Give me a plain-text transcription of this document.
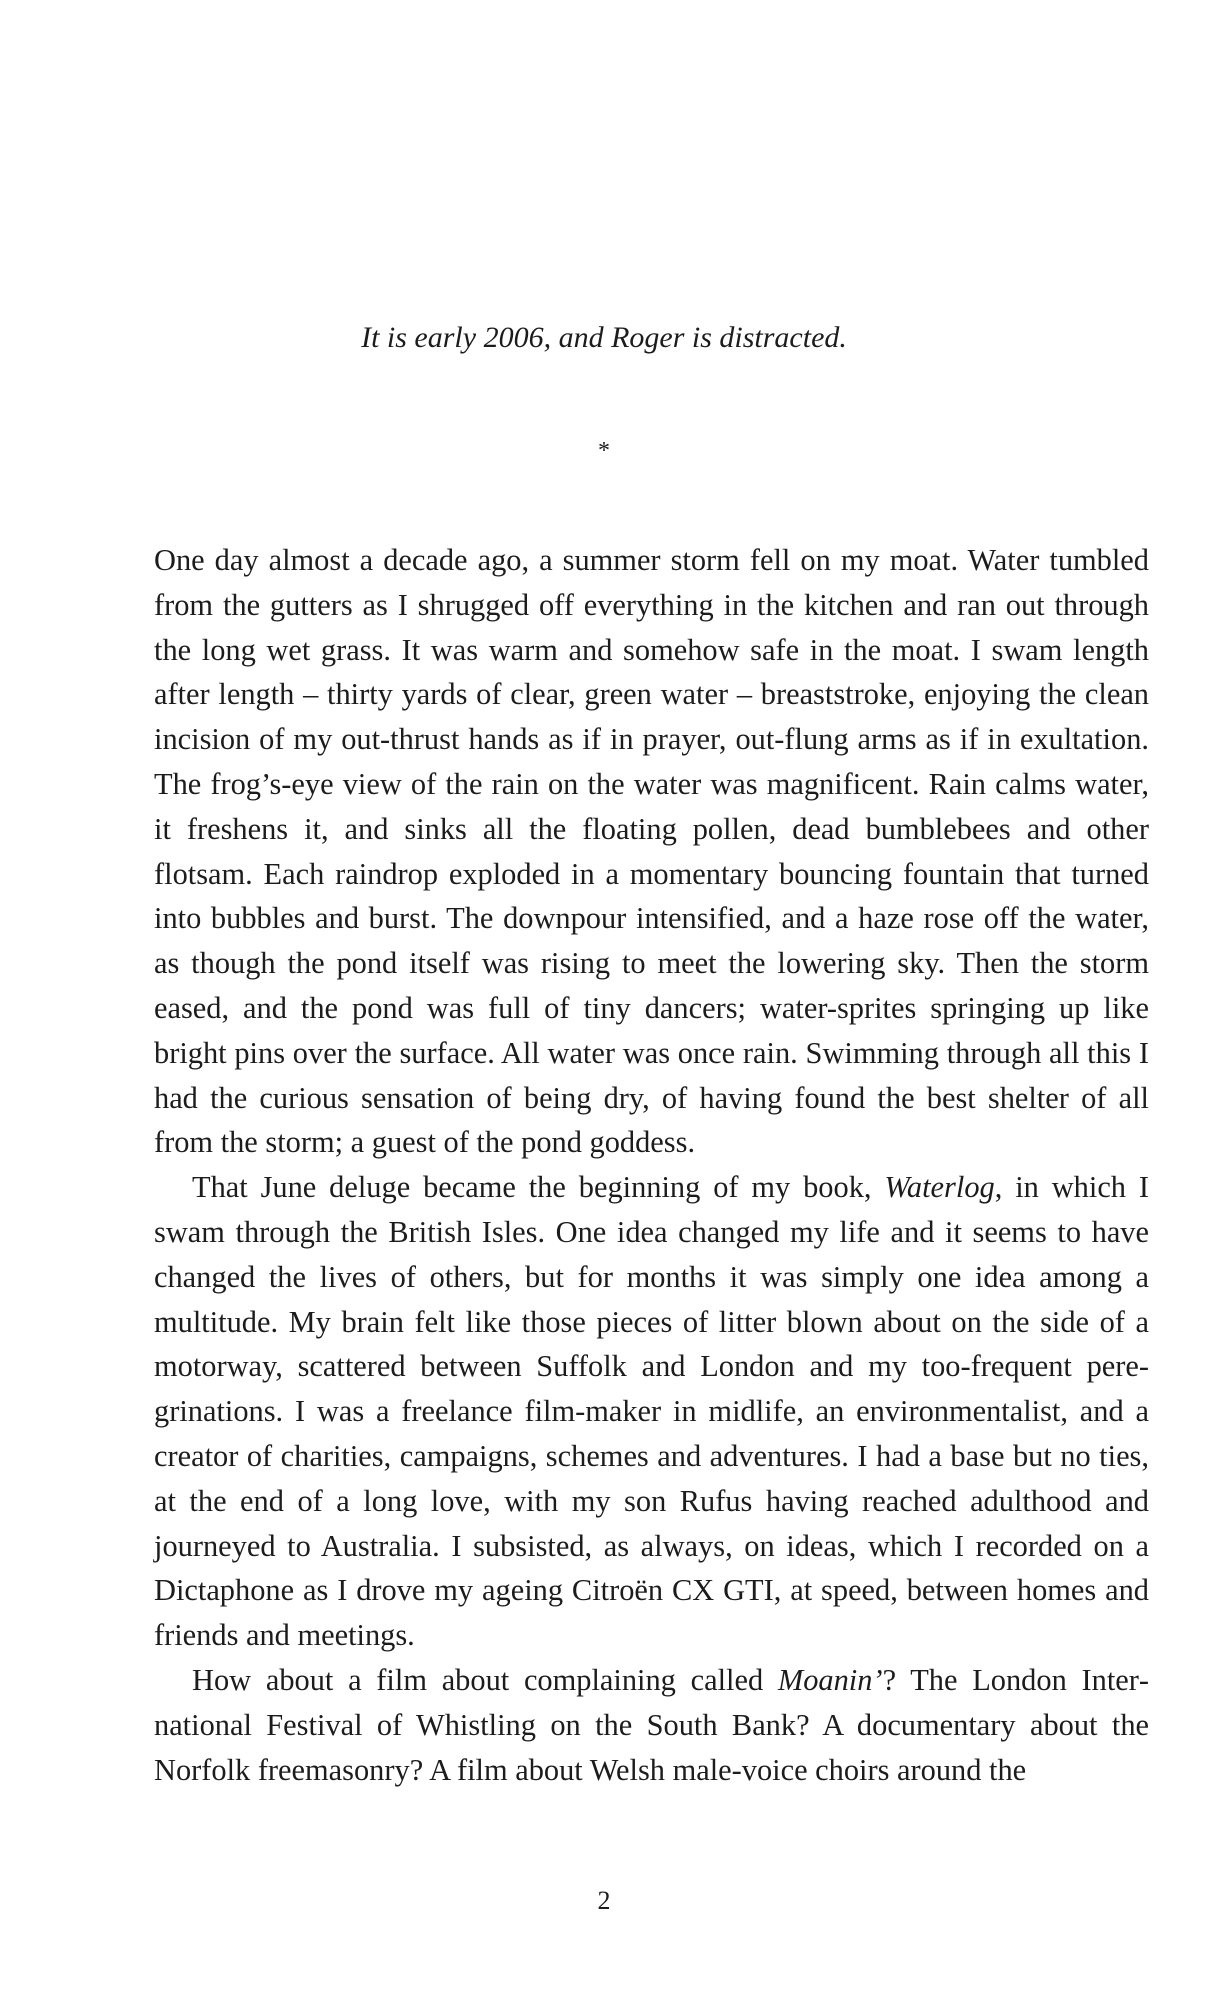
It is early 2006, and Roger is distracted.

*

One day almost a decade ago, a summer storm fell on my moat. Water tumbled from the gutters as I shrugged off everything in the kitchen and ran out through the long wet grass. It was warm and somehow safe in the moat. I swam length after length – thirty yards of clear, green water – breaststroke, enjoying the clean incision of my out-thrust hands as if in prayer, out-flung arms as if in exultation. The frog’s-eye view of the rain on the water was magnificent. Rain calms water, it freshens it, and sinks all the floating pollen, dead bumblebees and other flotsam. Each raindrop exploded in a momentary bouncing fountain that turned into bubbles and burst. The downpour intensified, and a haze rose off the water, as though the pond itself was rising to meet the lowering sky. Then the storm eased, and the pond was full of tiny dancers; water-sprites springing up like bright pins over the surface. All water was once rain. Swimming through all this I had the curious sensation of being dry, of having found the best shelter of all from the storm; a guest of the pond goddess.

That June deluge became the beginning of my book, Waterlog, in which I swam through the British Isles. One idea changed my life and it seems to have changed the lives of others, but for months it was simply one idea among a multitude. My brain felt like those pieces of litter blown about on the side of a motorway, scattered between Suffolk and London and my too-frequent peregrinations. I was a freelance film-maker in midlife, an environmentalist, and a creator of charities, campaigns, schemes and adventures. I had a base but no ties, at the end of a long love, with my son Rufus having reached adulthood and journeyed to Australia. I subsisted, as always, on ideas, which I recorded on a Dictaphone as I drove my ageing Citroën CX GTI, at speed, between homes and friends and meetings.

How about a film about complaining called Moanin’? The London International Festival of Whistling on the South Bank? A documentary about the Norfolk freemasonry? A film about Welsh male-voice choirs around the

2
